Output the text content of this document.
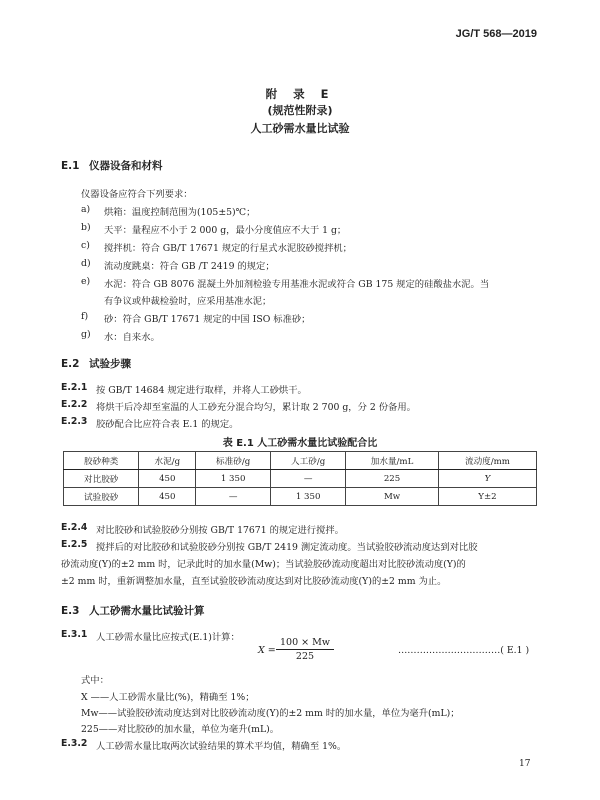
JG/T 568—2019
附 录 E
(规范性附录)
人工砂需水量比试验
E.1 仪器设备和材料
仪器设备应符合下列要求：
a) 烘箱：温度控制范围为(105±5)℃；
b) 天平：量程应不小于 2 000 g，最小分度值应不大于 1 g；
c) 搅拌机：符合 GB/T 17671 规定的行星式水泥胶砂搅拌机；
d) 流动度跳桌：符合 GB /T 2419 的规定；
e) 水泥：符合 GB 8076 混凝土外加剂检验专用基准水泥或符合 GB 175 规定的硅酸盐水泥。当
有争议或仲裁检验时，应采用基准水泥；
f) 砂：符合 GB/T 17671 规定的中国 ISO 标准砂；
g) 水：自来水。
E.2 试验步骤
E.2.1 按 GB/T 14684 规定进行取样，并将人工砂烘干。
E.2.2 将烘干后冷却至室温的人工砂充分混合均匀，累计取 2 700 g，分 2 份备用。
E.2.3 胶砂配合比应符合表 E.1 的规定。
表 E.1 人工砂需水量比试验配合比
胶砂种类	水泥/g	标准砂/g	人工砂/g	加水量/mL	流动度/mm
对比胶砂	450	1 350	—	225	Y
试验胶砂	450	—	1 350	Mw	Y±2
E.2.4 对比胶砂和试验胶砂分别按 GB/T 17671 的规定进行搅拌。
E.2.5 搅拌后的对比胶砂和试验胶砂分别按 GB/T 2419 测定流动度。当试验胶砂流动度达到对比胶
砂流动度(Y)的±2 mm 时，记录此时的加水量(Mw)；当试验胶砂流动度超出对比胶砂流动度(Y)的
±2 mm 时，重新调整加水量，直至试验胶砂流动度达到对比胶砂流动度(Y)的±2 mm 为止。
E.3 人工砂需水量比试验计算
E.3.1 人工砂需水量比应按式(E.1)计算：
$X = \frac{100 \times Mw}{225}$	……………………………( E.1 )
式中：
X ——人工砂需水量比(%)，精确至 1%；
Mw——试验胶砂流动度达到对比胶砂流动度(Y)的±2 mm 时的加水量，单位为毫升(mL)；
225——对比胶砂的加水量，单位为毫升(mL)。
E.3.2 人工砂需水量比取两次试验结果的算术平均值，精确至 1%。
17
